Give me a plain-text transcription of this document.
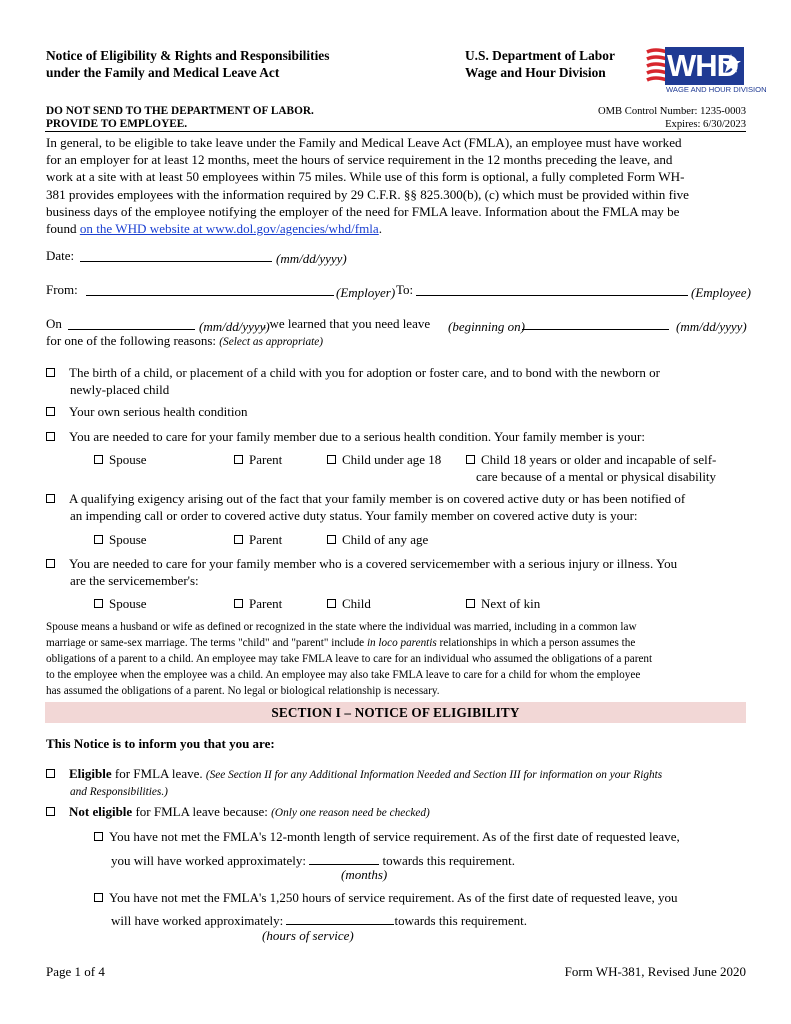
Notice of Eligibility & Rights and Responsibilities
under the Family and Medical Leave Act
U.S. Department of Labor
Wage and Hour Division WHD
WAGE AND HOUR DIVISION
DO NOT SEND TO THE DEPARTMENT OF LABOR.
PROVIDE TO EMPLOYEE.
OMB Control Number: 1235-0003
Expires: 6/30/2023
In general, to be eligible to take leave under the Family and Medical Leave Act (FMLA), an employee must have worked
for an employer for at least 12 months, meet the hours of service requirement in the 12 months preceding the leave, and
work at a site with at least 50 employees within 75 miles. While use of this form is optional, a fully completed Form WH-
381 provides employees with the information required by 29 C.F.R. §§ 825.300(b), (c) which must be provided within five
business days of the employee notifying the employer of the need for FMLA leave. Information about the FMLA may be
found on the WHD website at www.dol.gov/agencies/whd/fmla.
Date:	(mm/dd/yyyy)
From:	(Employer) To:	(Employee)
On	(mm/dd/yyyy)
, we learned that you need leave (beginning on)	(mm/dd/yyyy)
for one of the following reasons: (Select as appropriate)
The birth of a child, or placement of a child with you for adoption or foster care, and to bond with the newborn or
newly-placed child
Your own serious health condition
You are needed to care for your family member due to a serious health condition. Your family member is your:
Spouse	Parent	Child under age 18	Child 18 years or older and incapable of self-
care because of a mental or physical disability
A qualifying exigency arising out of the fact that your family member is on covered active duty or has been notified of
an impending call or order to covered active duty status. Your family member on covered active duty is your:
Spouse	Parent	Child of any age
You are needed to care for your family member who is a covered servicemember with a serious injury or illness. You
are the servicemember's:
Spouse	Parent	Child	Next of kin
Spouse means a husband or wife as defined or recognized in the state where the individual was married, including in a common law
marriage or same-sex marriage. The terms "child" and "parent" include in loco parentis relationships in which a person assumes the
obligations of a parent to a child. An employee may take FMLA leave to care for an individual who assumed the obligations of a parent
to the employee when the employee was a child. An employee may also take FMLA leave to care for a child for whom the employee
has assumed the obligations of a parent. No legal or biological relationship is necessary.
SECTION I – NOTICE OF ELIGIBILITY
This Notice is to inform you that you are:
Eligible for FMLA leave. (See Section II for any Additional Information Needed and Section III for information on your Rights
and Responsibilities.)
Not eligible for FMLA leave because: (Only one reason need be checked)
You have not met the FMLA's 12-month length of service requirement. As of the first date of requested leave,
you will have worked approximately:	towards this requirement.
(months)
You have not met the FMLA's 1,250 hours of service requirement. As of the first date of requested leave, you
will have worked approximately:	towards this requirement.
(hours of service)
Page 1 of 4	Form WH-381, Revised June 2020
